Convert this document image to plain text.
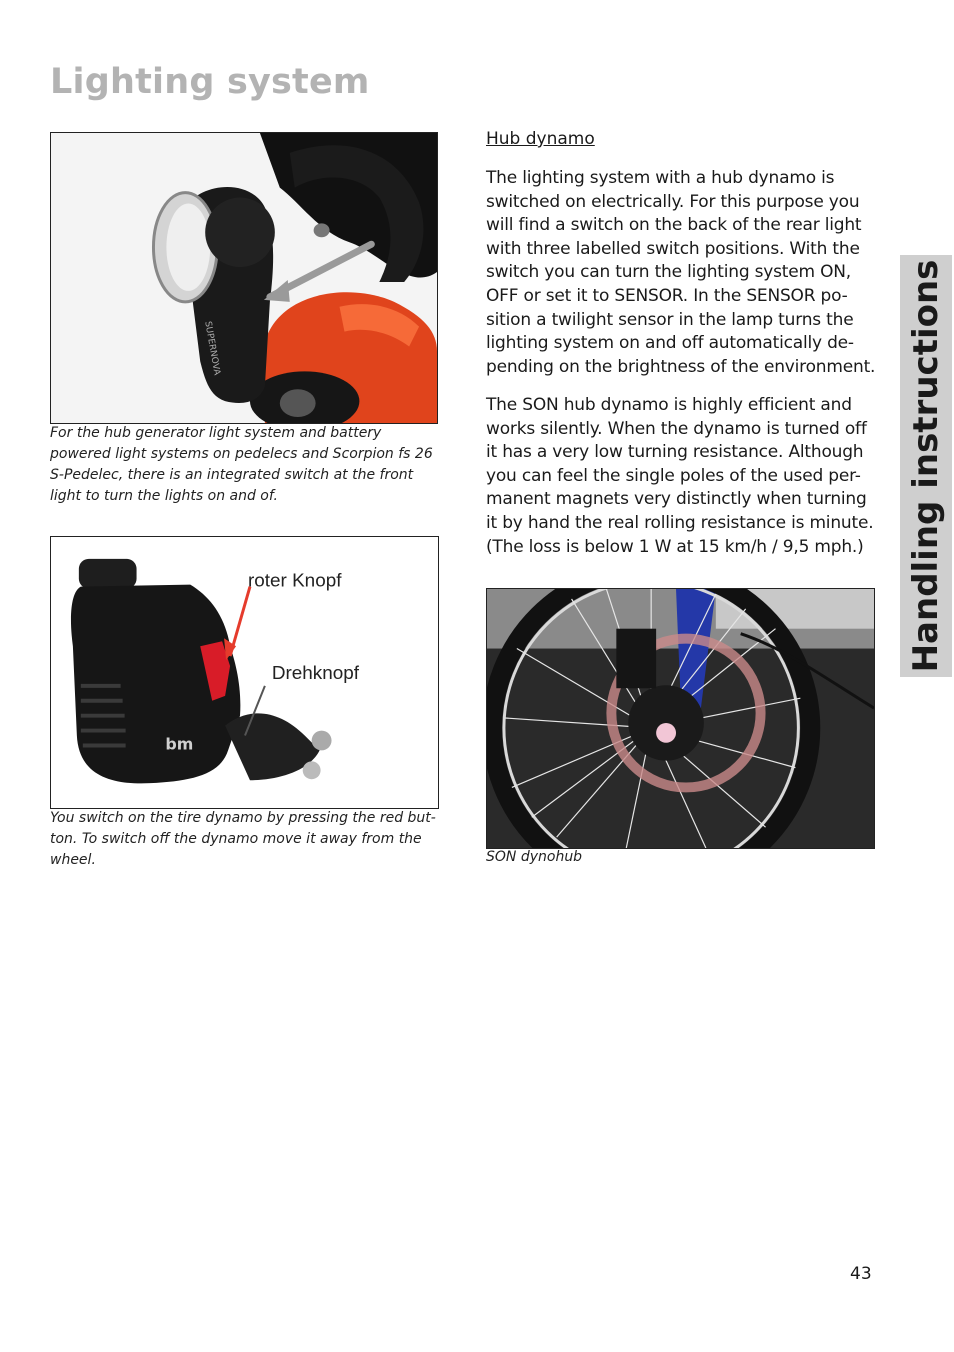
Lighting system
SUPERNOVA

For the hub generator light system and battery powered light systems on pedelecs and Scorpion fs 26 S-Pedelec, there is an integrated switch at the front light to turn the lights on and of.

bm
roter Knopf
Drehknopf

You switch on the tire dynamo by pressing the red but-ton. To switch off the dynamo move it away from the wheel.

Hub dynamo

The lighting system with a hub dynamo is switched on electrically. For this purpose you will find a switch on the back of the rear light with three labelled switch positions. With the switch you can turn the lighting system ON, OFF or set it to SENSOR. In the SENSOR po-sition a twilight sensor in the lamp turns the lighting system on and off automatically de-pending on the brightness of the environment.

The SON hub dynamo is highly efficient and works silently. When the dynamo is turned off it has a very low turning resistance. Although you can feel the single poles of the used per-manent magnets very distinctly when turning it by hand the real rolling resistance is minute. (The loss is below 1 W at 15 km/h / 9,5 mph.)

SON dynohub

Handling instructions

43
